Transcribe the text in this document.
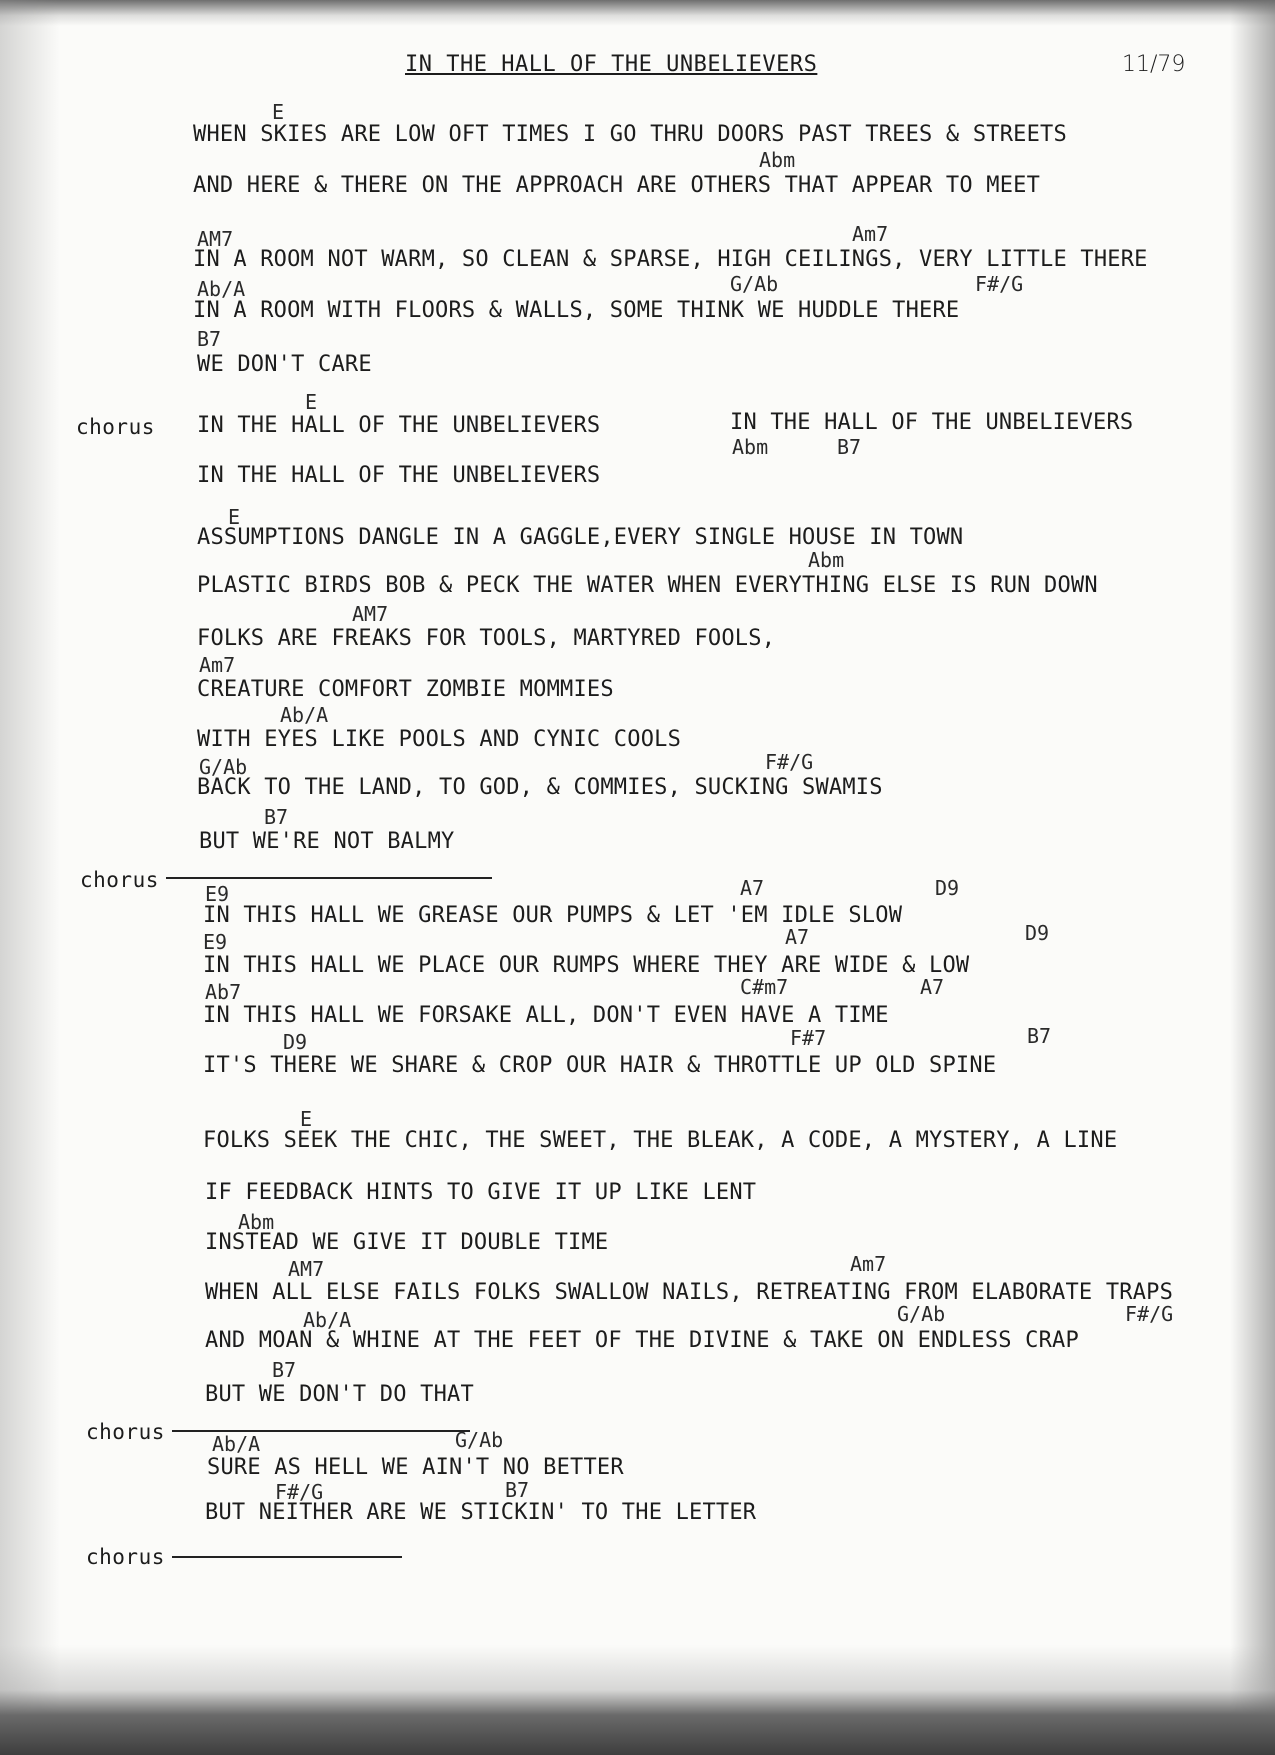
IN THE HALL OF THE UNBELIEVERS	11/79
E
WHEN SKIES ARE LOW OFT TIMES I GO THRU DOORS PAST TREES & STREETS
Abm
AND HERE & THERE ON THE APPROACH ARE OTHERS THAT APPEAR TO MEET
AM7	Am7
IN A ROOM NOT WARM, SO CLEAN & SPARSE, HIGH CEILINGS, VERY LITTLE THERE
Ab/A	G/Ab	F#/G
IN A ROOM WITH FLOORS & WALLS, SOME THINK WE HUDDLE THERE
B7
WE DON'T CARE
chorus
E
IN THE HALL OF THE UNBELIEVERS	IN THE HALL OF THE UNBELIEVERS
Abm	B7
IN THE HALL OF THE UNBELIEVERS
E
ASSUMPTIONS DANGLE IN A GAGGLE,EVERY SINGLE HOUSE IN TOWN
Abm
PLASTIC BIRDS BOB & PECK THE WATER WHEN EVERYTHING ELSE IS RUN DOWN
AM7
FOLKS ARE FREAKS FOR TOOLS, MARTYRED FOOLS,
Am7
CREATURE COMFORT ZOMBIE MOMMIES
Ab/A
WITH EYES LIKE POOLS AND CYNIC COOLS
G/Ab	F#/G
BACK TO THE LAND, TO GOD, & COMMIES, SUCKING SWAMIS
B7
BUT WE'RE NOT BALMY
chorus
E9	A7	D9
IN THIS HALL WE GREASE OUR PUMPS & LET 'EM IDLE SLOW
E9	A7	D9
IN THIS HALL WE PLACE OUR RUMPS WHERE THEY ARE WIDE & LOW
Ab7	C#m7	A7
IN THIS HALL WE FORSAKE ALL, DON'T EVEN HAVE A TIME
D9	F#7	B7
IT'S THERE WE SHARE & CROP OUR HAIR & THROTTLE UP OLD SPINE
E
FOLKS SEEK THE CHIC, THE SWEET, THE BLEAK, A CODE, A MYSTERY, A LINE
IF FEEDBACK HINTS TO GIVE IT UP LIKE LENT
Abm
INSTEAD WE GIVE IT DOUBLE TIME
AM7	Am7
WHEN ALL ELSE FAILS FOLKS SWALLOW NAILS, RETREATING FROM ELABORATE TRAPS
Ab/A	G/Ab	F#/G
AND MOAN & WHINE AT THE FEET OF THE DIVINE & TAKE ON ENDLESS CRAP
B7
BUT WE DON'T DO THAT
chorus Ab/A	G/Ab
SURE AS HELL WE AIN'T NO BETTER
F#/G	B7
BUT NEITHER ARE WE STICKIN' TO THE LETTER
chorus
